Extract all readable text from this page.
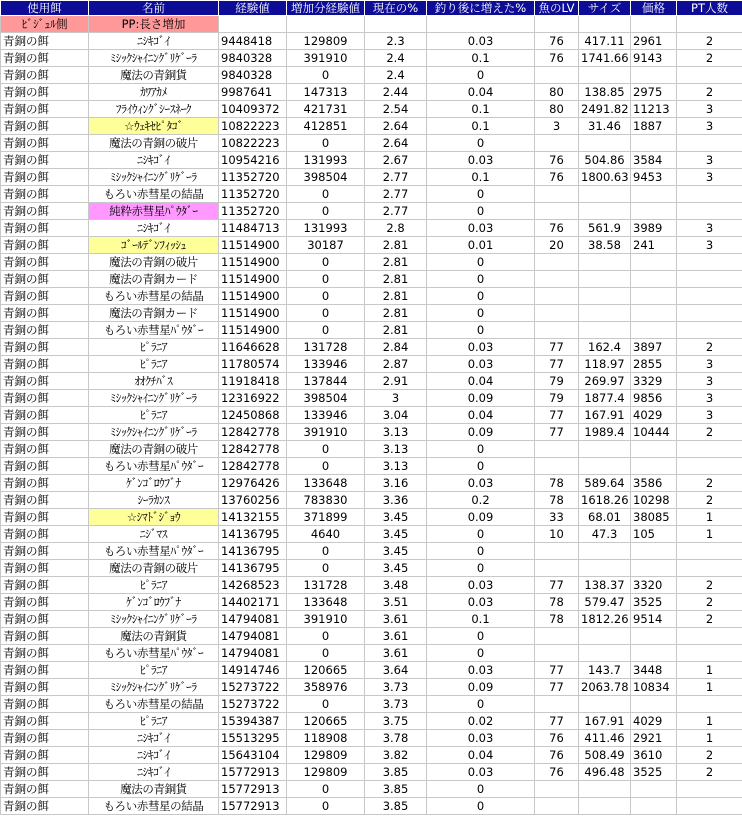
使用餌	名前	経験値	増加分経験値	現在の%	釣り後に増えた%	魚のLV	サイズ	価格	PT人数
ﾋﾞｼﾞｭﾙ側	PP:長さ増加								
青銅の餌	ﾆｼｷｺﾞｲ	9448418	129809	2.3	0.03	76	417.11	2961	2
青銅の餌	ﾐｼｯｸｼｬｲﾆﾝｸﾞﾘｹﾞｰﾗ	9840328	391910	2.4	0.1	76	1741.66	9143	2
青銅の餌	魔法の青銅貨	9840328	0	2.4	0				
青銅の餌	ｶﾜｱｶﾒ	9987641	147313	2.44	0.04	80	138.85	2975	2
青銅の餌	ﾌﾗｲｳｨﾝｸﾞｼｰｽﾈｰｸ	10409372	421731	2.54	0.1	80	2491.82	11213	3
青銅の餌	☆ｳｪｷｾﾋﾟﾀｺﾞ	10822223	412851	2.64	0.1	3	31.46	1887	3
青銅の餌	魔法の青銅の破片	10822223	0	2.64	0				
青銅の餌	ﾆｼｷｺﾞｲ	10954216	131993	2.67	0.03	76	504.86	3584	3
青銅の餌	ﾐｼｯｸｼｬｲﾆﾝｸﾞﾘｹﾞｰﾗ	11352720	398504	2.77	0.1	76	1800.63	9453	3
青銅の餌	もろい赤彗星の結晶	11352720	0	2.77	0				
青銅の餌	純粋赤彗星ﾊﾟｳﾀﾞｰ	11352720	0	2.77	0				
青銅の餌	ﾆｼｷｺﾞｲ	11484713	131993	2.8	0.03	76	561.9	3989	3
青銅の餌	ｺﾞｰﾙﾃﾞﾝﾌｨｯｼｭ	11514900	30187	2.81	0.01	20	38.58	241	3
青銅の餌	魔法の青銅の破片	11514900	0	2.81	0				
青銅の餌	魔法の青銅カード	11514900	0	2.81	0				
青銅の餌	もろい赤彗星の結晶	11514900	0	2.81	0				
青銅の餌	魔法の青銅カード	11514900	0	2.81	0				
青銅の餌	もろい赤彗星ﾊﾟｳﾀﾞｰ	11514900	0	2.81	0				
青銅の餌	ﾋﾟﾗﾆｱ	11646628	131728	2.84	0.03	77	162.4	3897	2
青銅の餌	ﾋﾟﾗﾆｱ	11780574	133946	2.87	0.03	77	118.97	2855	3
青銅の餌	ｵｵｸﾁﾊﾞｽ	11918418	137844	2.91	0.04	79	269.97	3329	3
青銅の餌	ﾐｼｯｸｼｬｲﾆﾝｸﾞﾘｹﾞｰﾗ	12316922	398504	3	0.09	79	1877.4	9856	3
青銅の餌	ﾋﾟﾗﾆｱ	12450868	133946	3.04	0.04	77	167.91	4029	3
青銅の餌	ﾐｼｯｸｼｬｲﾆﾝｸﾞﾘｹﾞｰﾗ	12842778	391910	3.13	0.09	77	1989.4	10444	2
青銅の餌	魔法の青銅の破片	12842778	0	3.13	0				
青銅の餌	もろい赤彗星ﾊﾟｳﾀﾞｰ	12842778	0	3.13	0				
青銅の餌	ｹﾞﾝｺﾞﾛｳﾌﾞﾅ	12976426	133648	3.16	0.03	78	589.64	3586	2
青銅の餌	ｼｰﾗｶﾝｽ	13760256	783830	3.36	0.2	78	1618.26	10298	2
青銅の餌	☆ｼﾏﾄﾞｼﾞｮｳ	14132155	371899	3.45	0.09	33	68.01	38085	1
青銅の餌	ﾆｼﾞﾏｽ	14136795	4640	3.45	0	10	47.3	105	1
青銅の餌	もろい赤彗星ﾊﾟｳﾀﾞｰ	14136795	0	3.45	0				
青銅の餌	魔法の青銅の破片	14136795	0	3.45	0				
青銅の餌	ﾋﾟﾗﾆｱ	14268523	131728	3.48	0.03	77	138.37	3320	2
青銅の餌	ｹﾞﾝｺﾞﾛｳﾌﾞﾅ	14402171	133648	3.51	0.03	78	579.47	3525	2
青銅の餌	ﾐｼｯｸｼｬｲﾆﾝｸﾞﾘｹﾞｰﾗ	14794081	391910	3.61	0.1	78	1812.26	9514	2
青銅の餌	魔法の青銅貨	14794081	0	3.61	0				
青銅の餌	もろい赤彗星ﾊﾟｳﾀﾞｰ	14794081	0	3.61	0				
青銅の餌	ﾋﾟﾗﾆｱ	14914746	120665	3.64	0.03	77	143.7	3448	1
青銅の餌	ﾐｼｯｸｼｬｲﾆﾝｸﾞﾘｹﾞｰﾗ	15273722	358976	3.73	0.09	77	2063.78	10834	1
青銅の餌	もろい赤彗星の結晶	15273722	0	3.73	0				
青銅の餌	ﾋﾟﾗﾆｱ	15394387	120665	3.75	0.02	77	167.91	4029	1
青銅の餌	ﾆｼｷｺﾞｲ	15513295	118908	3.78	0.03	76	411.46	2921	1
青銅の餌	ﾆｼｷｺﾞｲ	15643104	129809	3.82	0.04	76	508.49	3610	2
青銅の餌	ﾆｼｷｺﾞｲ	15772913	129809	3.85	0.03	76	496.48	3525	2
青銅の餌	魔法の青銅貨	15772913	0	3.85	0				
青銅の餌	もろい赤彗星の結晶	15772913	0	3.85	0				
